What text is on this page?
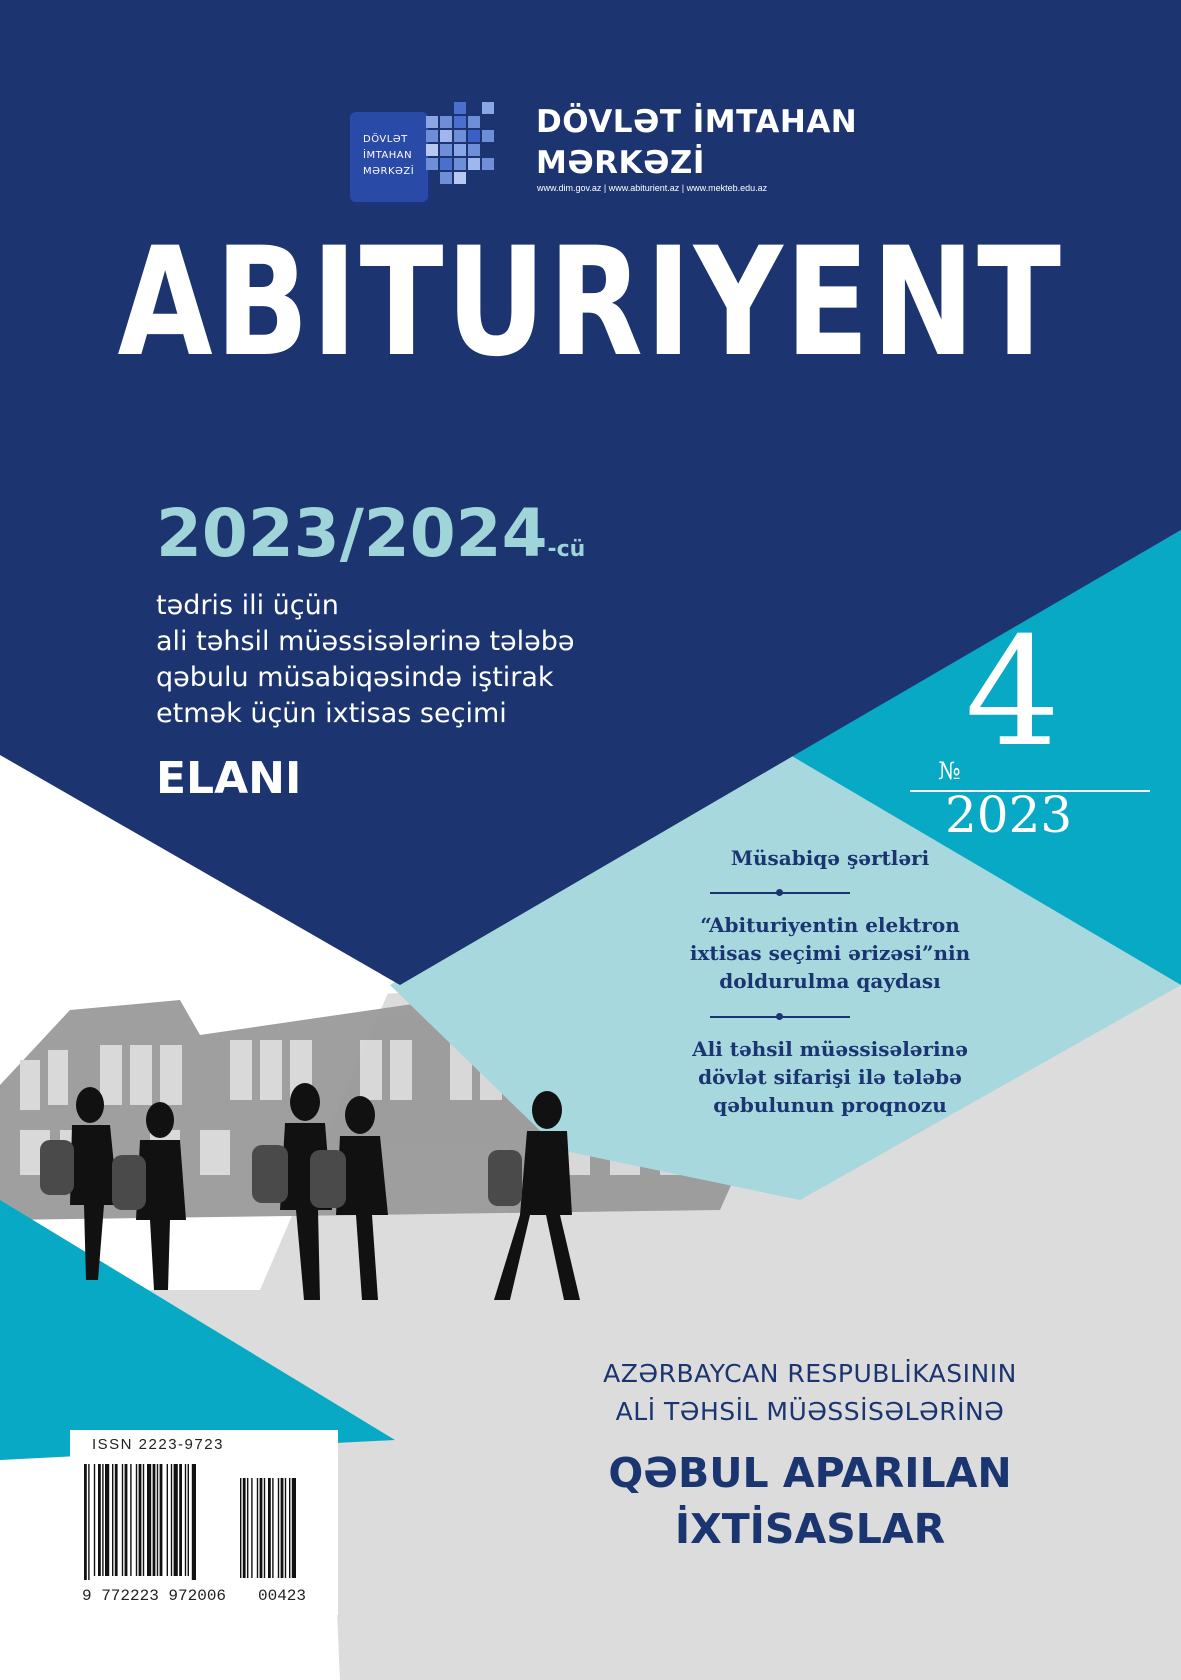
DÖVLƏT
İMTAHAN
MƏRKƏZİ
DÖVLƏT İMTAHAN
MƏRKƏZİ
www.dim.gov.az | www.abiturient.az | www.mekteb.edu.az
ABITURIYENT
2023/2024-cü
tədris ili üçün
ali təhsil müəssisələrinə tələbə
qəbulu müsabiqəsində iştirak
etmək üçün ixtisas seçimi
ELANI	№ 4
2023
Müsabiqə şərtləri
“Abituriyentin elektron
ixtisas seçimi ərizəsi”nin
doldurulma qaydası
Ali təhsil müəssisələrinə
dövlət sifarişi ilə tələbə
qəbulunun proqnozu
AZƏRBAYCAN RESPUBLİKASININ
ALİ TƏHSİL MÜƏSSİSƏLƏRİNƏ
QƏBUL APARILAN
İXTİSASLAR
ISSN 2223-9723
9 772223 972006 00423
